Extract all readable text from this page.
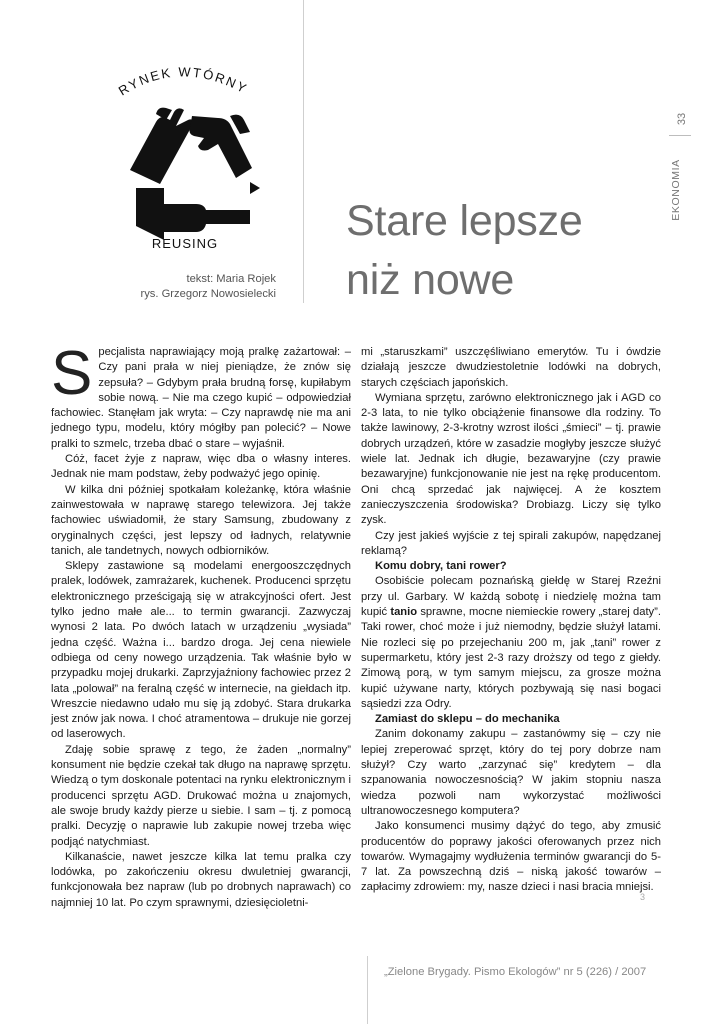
RYNEK WTÓRNY
REUSING
tekst: Maria Rojek
rys. Grzegorz Nowosielecki
Stare lepsze
niż nowe
33
EKONOMIA
S pecjalista naprawiający moją pralkę zażartował: – Czy pani prała w niej pieniądze, że znów się zepsuła? – Gdybym prała brudną forsę, kupiłabym sobie nową. – Nie ma czego kupić – odpowiedział fachowiec. Stanęłam jak wryta: – Czy naprawdę nie ma ani jednego typu, modelu, który mógłby pan polecić? – Nowe pralki to szmelc, trzeba dbać o stare – wyjaśnił.

Cóż, facet żyje z napraw, więc dba o własny interes. Jednak nie mam podstaw, żeby podważyć jego opinię.

W kilka dni później spotkałam koleżankę, która właśnie zainwestowała w naprawę starego telewizora. Jej także fachowiec uświadomił, że stary Samsung, zbudowany z oryginalnych części, jest lepszy od ładnych, relatywnie tanich, ale tandetnych, nowych odbiorników.

Sklepy zastawione są modelami energooszczędnych pralek, lodówek, zamrażarek, kuchenek. Producenci sprzętu elektronicznego prześcigają się w atrakcyjności ofert. Jest tylko jedno małe ale... to termin gwarancji. Zazwyczaj wynosi 2 lata. Po dwóch latach w urządzeniu „wysiada” jedna część. Ważna i... bardzo droga. Jej cena niewiele odbiega od ceny nowego urządzenia. Tak właśnie było w przypadku mojej drukarki. Zaprzyjaźniony fachowiec przez 2 lata „polował” na feralną część w internecie, na giełdach itp. Wreszcie niedawno udało mu się ją zdobyć. Stara drukarka jest znów jak nowa. I choć atramentowa – drukuje nie gorzej od laserowych.

Zdaję sobie sprawę z tego, że żaden „normalny” konsument nie będzie czekał tak długo na naprawę sprzętu. Wiedzą o tym doskonale potentaci na rynku elektronicznym i producenci sprzętu AGD. Drukować można u znajomych, ale swoje brudy każdy pierze u siebie. I sam – tj. z pomocą pralki. Decyzję o naprawie lub zakupie nowej trzeba więc podjąć natychmiast.

Kilkanaście, nawet jeszcze kilka lat temu pralka czy lodówka, po zakończeniu okresu dwuletniej gwarancji, funkcjonowała bez napraw (lub po drobnych naprawach) co najmniej 10 lat. Po czym sprawnymi, dziesięcioletni-

mi „staruszkami” uszczęśliwiano emerytów. Tu i ówdzie działają jeszcze dwudziestoletnie lodówki na dobrych, starych częściach japońskich.

Wymiana sprzętu, zarówno elektronicznego jak i AGD co 2-3 lata, to nie tylko obciążenie finansowe dla rodziny. To także lawinowy, 2-3-krotny wzrost ilości „śmieci” – tj. prawie dobrych urządzeń, które w zasadzie mogłyby jeszcze służyć wiele lat. Jednak ich długie, bezawaryjne (czy prawie bezawaryjne) funkcjonowanie nie jest na rękę producentom. Oni chcą sprzedać jak najwięcej. A że kosztem zanieczyszczenia środowiska? Drobiazg. Liczy się tylko zysk.

Czy jest jakieś wyjście z tej spirali zakupów, napędzanej reklamą?

Komu dobry, tani rower?

Osobiście polecam poznańską giełdę w Starej Rzeźni przy ul. Garbary. W każdą sobotę i niedzielę można tam kupić tanio sprawne, mocne niemieckie rowery „starej daty”. Taki rower, choć może i już niemodny, będzie służył latami. Nie rozleci się po przejechaniu 200 m, jak „tani” rower z supermarketu, który jest 2-3 razy droższy od tego z giełdy. Zimową porą, w tym samym miejscu, za grosze można kupić używane narty, których pozbywają się nasi bogaci sąsiedzi zza Odry.

Zamiast do sklepu – do mechanika

Zanim dokonamy zakupu – zastanówmy się – czy nie lepiej zreperować sprzęt, który do tej pory dobrze nam służył? Czy warto „zarzynać się” kredytem – dla szpanowania nowoczesnością? W jakim stopniu nasza wiedza pozwoli nam wykorzystać możliwości ultranowoczesnego komputera?

Jako konsumenci musimy dążyć do tego, aby zmusić producentów do poprawy jakości oferowanych przez nich towarów. Wymagajmy wydłużenia terminów gwarancji do 5-7 lat. Za powszechną dziś – niską jakość towarów – zapłacimy zdrowiem: my, nasze dzieci i nasi bracia mniejsi.

3
„Zielone Brygady. Pismo Ekologów” nr 5 (226) / 2007
